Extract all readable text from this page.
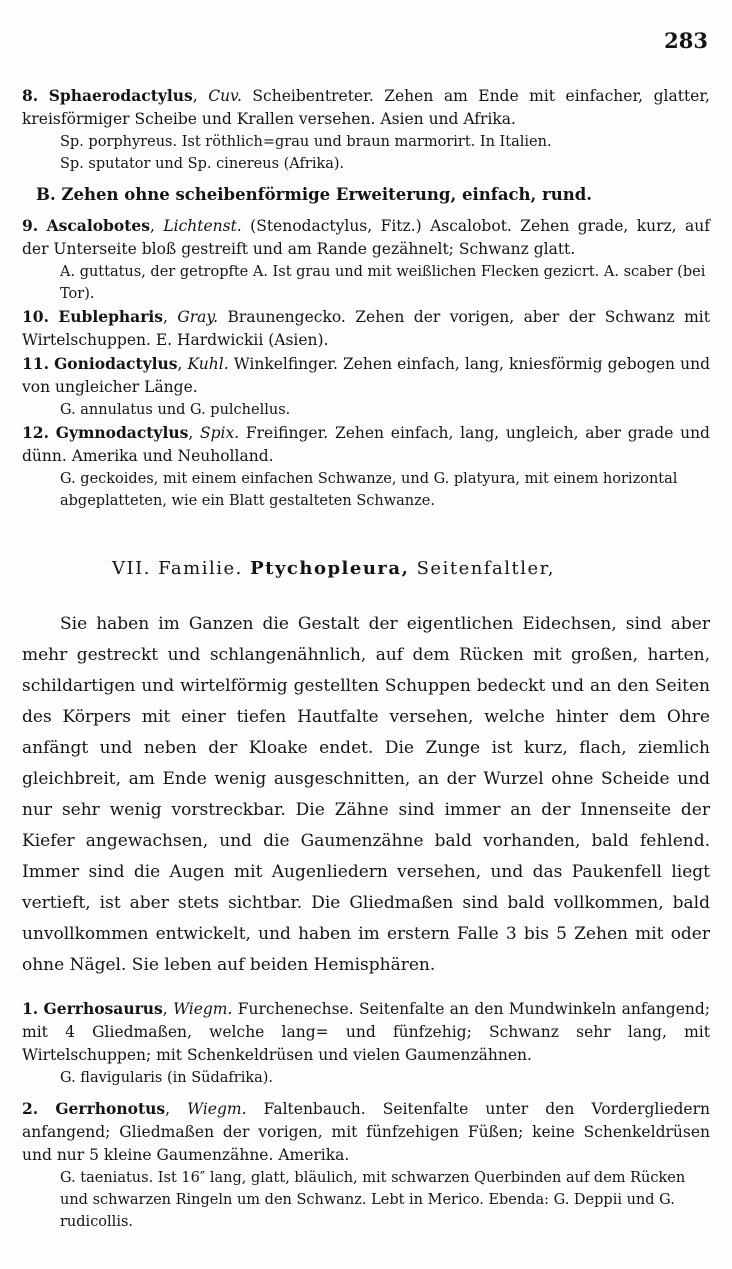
283

8. Sphaerodactylus, Cuv. Scheibentreter. Zehen am Ende mit einfacher, glatter, kreisförmiger Scheibe und Krallen versehen. Asien und Afrika.

Sp. porphyreus. Ist röthlich=grau und braun marmorirt. In Italien.

Sp. sputator und Sp. cinereus (Afrika).

B. Zehen ohne scheibenförmige Erweiterung, einfach, rund.

9. Ascalobotes, Lichtenst. (Stenodactylus, Fitz.) Ascalobot. Zehen grade, kurz, auf der Unterseite bloß gestreift und am Rande gezähnelt; Schwanz glatt.

A. guttatus, der getropfte A. Ist grau und mit weißlichen Flecken gezicrt. A. scaber (bei Tor).

10. Eublepharis, Gray. Braunengecko. Zehen der vorigen, aber der Schwanz mit Wirtelschuppen. E. Hardwickii (Asien).

11. Goniodactylus, Kuhl. Winkelfinger. Zehen einfach, lang, kniesförmig gebogen und von ungleicher Länge.

G. annulatus und G. pulchellus.

12. Gymnodactylus, Spix. Freifinger. Zehen einfach, lang, ungleich, aber grade und dünn. Amerika und Neuholland.

G. geckoides, mit einem einfachen Schwanze, und G. platyura, mit einem horizontal abgeplatteten, wie ein Blatt gestalteten Schwanze.

VII. Familie. Ptychopleura, Seitenfaltler,

Sie haben im Ganzen die Gestalt der eigentlichen Eidechsen, sind aber mehr gestreckt und schlangenähnlich, auf dem Rücken mit großen, harten, schildartigen und wirtelförmig gestellten Schuppen bedeckt und an den Seiten des Körpers mit einer tiefen Hautfalte versehen, welche hinter dem Ohre anfängt und neben der Kloake endet. Die Zunge ist kurz, flach, ziemlich gleichbreit, am Ende wenig ausgeschnitten, an der Wurzel ohne Scheide und nur sehr wenig vorstreckbar. Die Zähne sind immer an der Innenseite der Kiefer angewachsen, und die Gaumenzähne bald vorhanden, bald fehlend. Immer sind die Augen mit Augenliedern versehen, und das Paukenfell liegt vertieft, ist aber stets sichtbar. Die Gliedmaßen sind bald vollkommen, bald unvollkommen entwickelt, und haben im erstern Falle 3 bis 5 Zehen mit oder ohne Nägel. Sie leben auf beiden Hemisphären.

1. Gerrhosaurus, Wiegm. Furchenechse. Seitenfalte an den Mundwinkeln anfangend; mit 4 Gliedmaßen, welche lang= und fünfzehig; Schwanz sehr lang, mit Wirtelschuppen; mit Schenkeldrüsen und vielen Gaumenzähnen.

G. flavigularis (in Südafrika).

2. Gerrhonotus, Wiegm. Faltenbauch. Seitenfalte unter den Vordergliedern anfangend; Gliedmaßen der vorigen, mit fünfzehigen Füßen; keine Schenkeldrüsen und nur 5 kleine Gaumenzähne. Amerika.

G. taeniatus. Ist 16″ lang, glatt, bläulich, mit schwarzen Querbinden auf dem Rücken und schwarzen Ringeln um den Schwanz. Lebt in Merico. Ebenda: G. Deppii und G. rudicollis.
